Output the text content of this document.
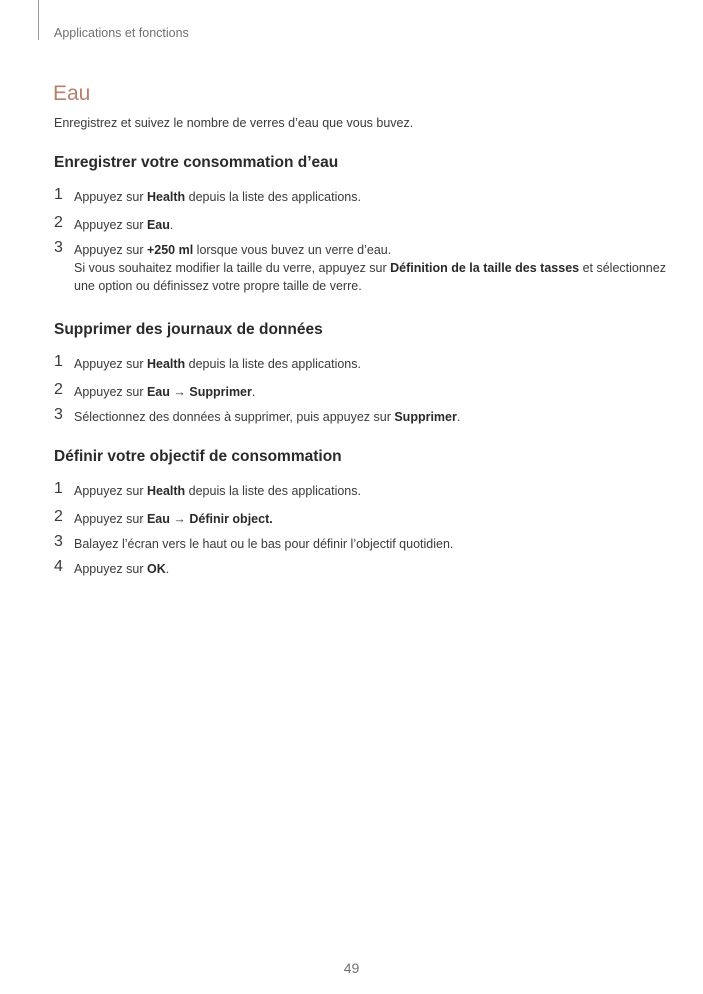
Applications et fonctions
Eau
Enregistrez et suivez le nombre de verres d’eau que vous buvez.
Enregistrer votre consommation d’eau
1 Appuyez sur Health depuis la liste des applications.
2 Appuyez sur Eau.
3 Appuyez sur +250 ml lorsque vous buvez un verre d’eau.
Si vous souhaitez modifier la taille du verre, appuyez sur Définition de la taille des tasses et sélectionnez une option ou définissez votre propre taille de verre.
Supprimer des journaux de données
1 Appuyez sur Health depuis la liste des applications.
2 Appuyez sur Eau → Supprimer.
3 Sélectionnez des données à supprimer, puis appuyez sur Supprimer.
Définir votre objectif de consommation
1 Appuyez sur Health depuis la liste des applications.
2 Appuyez sur Eau → Définir object.
3 Balayez l’écran vers le haut ou le bas pour définir l’objectif quotidien.
4 Appuyez sur OK.
49
